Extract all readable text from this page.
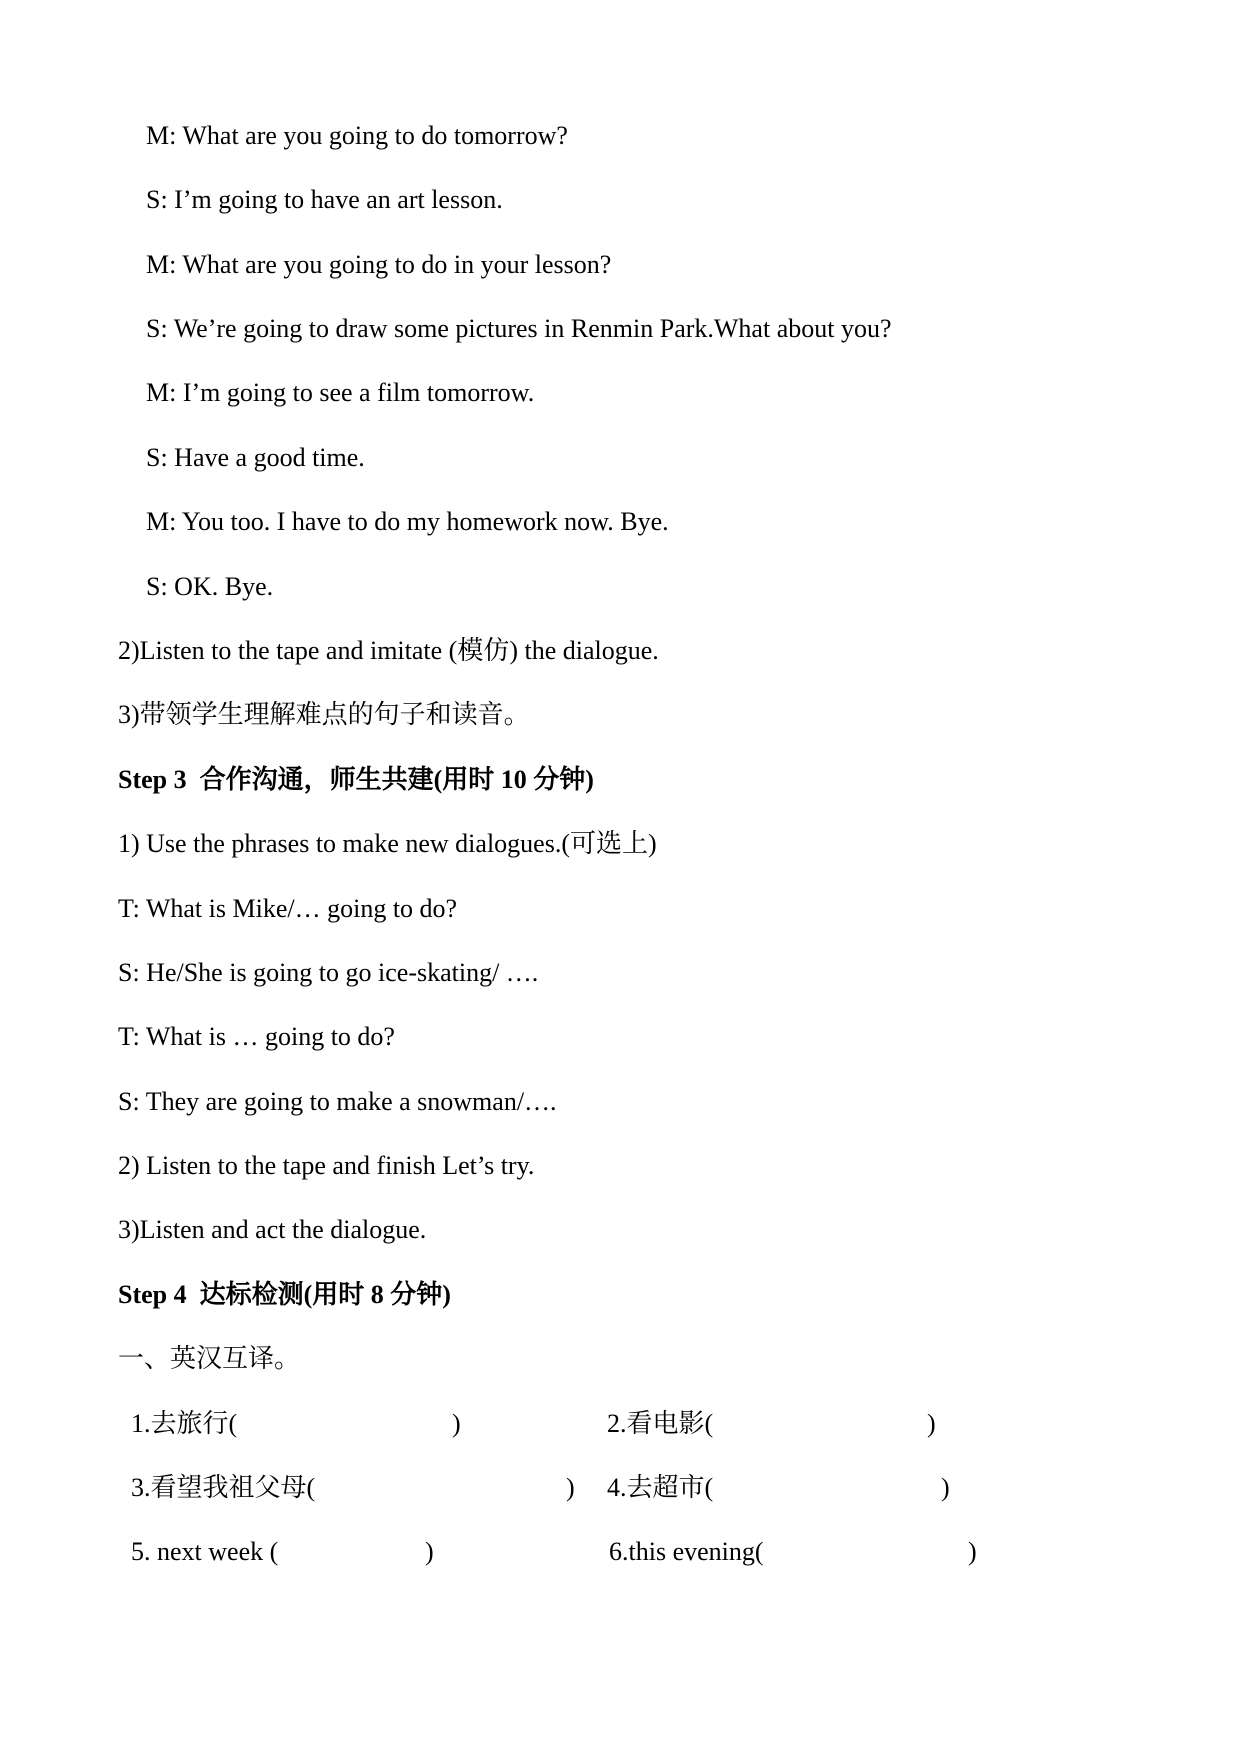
M: What are you going to do tomorrow?
S: I’m going to have an art lesson.
M: What are you going to do in your lesson?
S: We’re going to draw some pictures in Renmin Park.What about you?
M: I’m going to see a film tomorrow.
S: Have a good time.
M: You too. I have to do my homework now. Bye.
S: OK. Bye.
2)Listen to the tape and imitate (模仿) the dialogue.
3)带领学生理解难点的句子和读音。
Step 3  合作沟通，师生共建(用时 10 分钟)
1) Use the phrases to make new dialogues.(可选上)
T: What is Mike/… going to do?
S: He/She is going to go ice-skating/ ….
T: What is … going to do?
S: They are going to make a snowman/….
2) Listen to the tape and finish Let’s try.
3)Listen and act the dialogue.
Step 4  达标检测(用时 8 分钟)
一、英汉互译。
1.去旅行(	)	2.看电影(	)
3.看望我祖父母(	) 4.去超市(	)
5. next week (	)	6.this evening(	)
